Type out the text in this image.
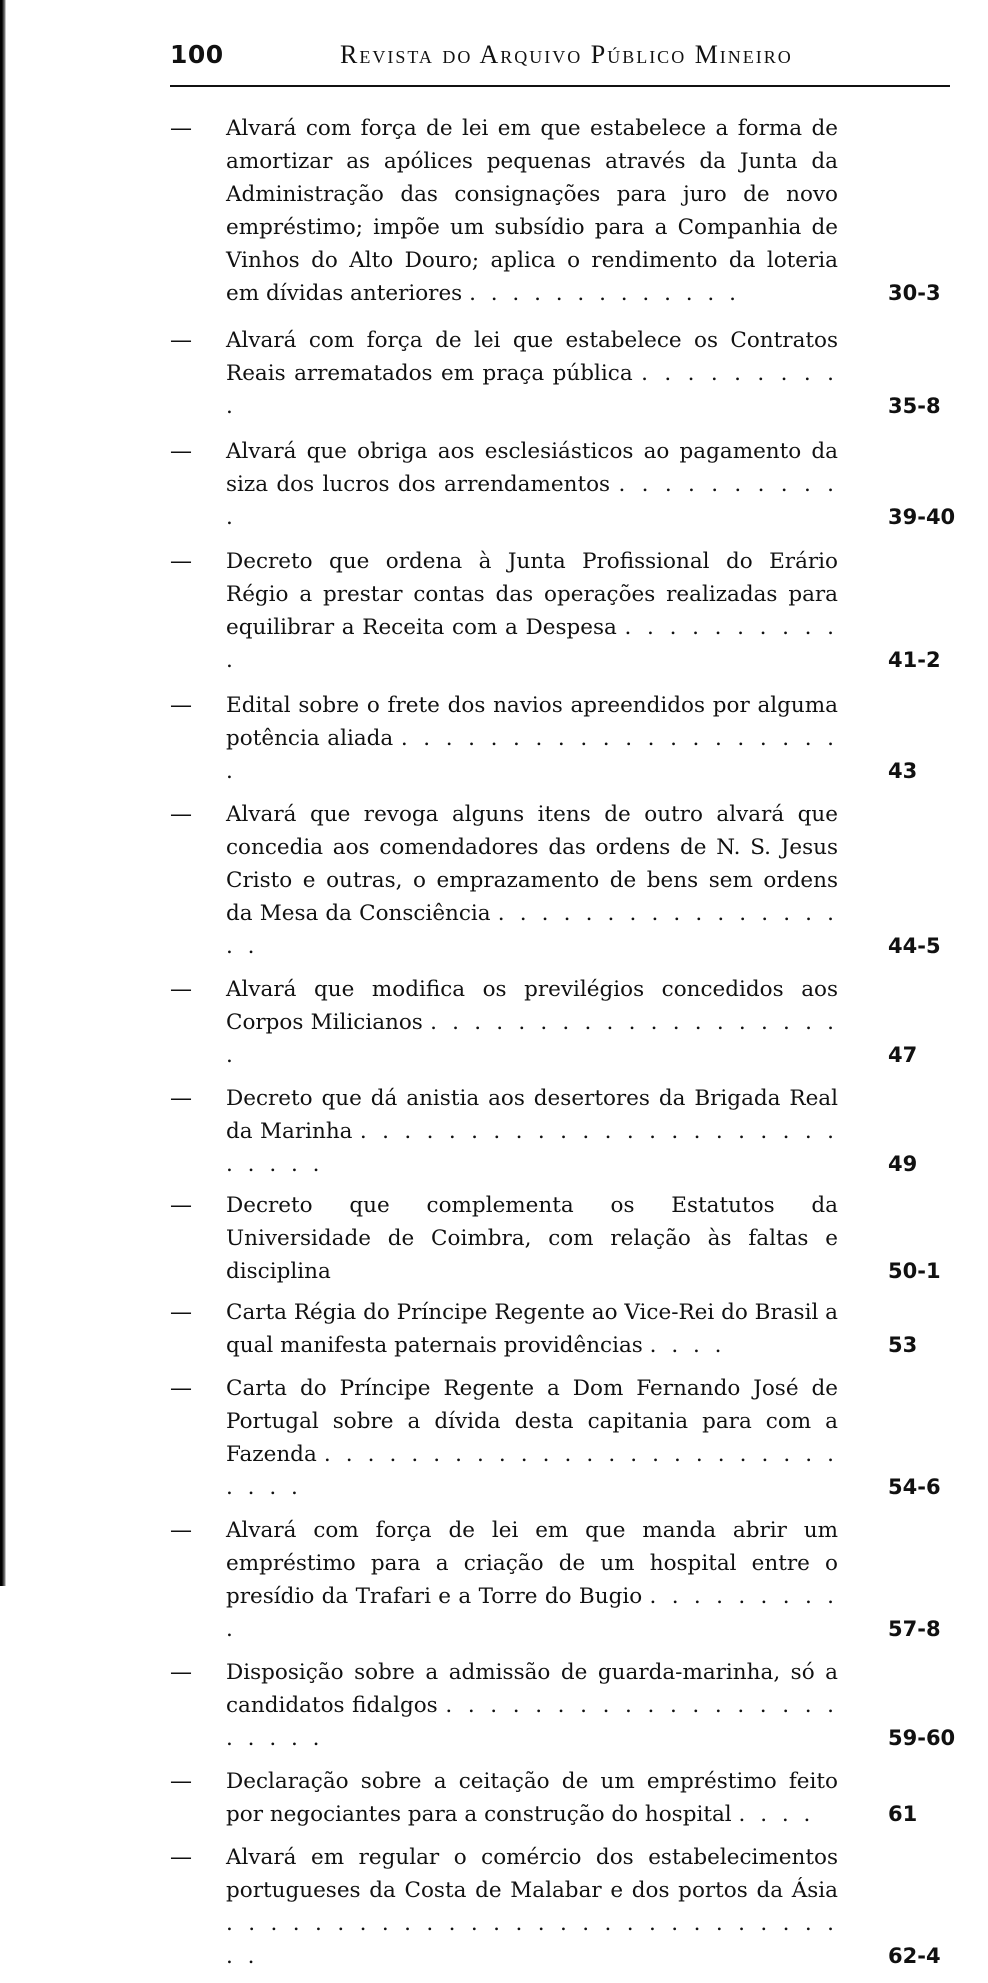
100	Revista do Arquivo Público Mineiro
— Alvará com força de lei em que estabelece a forma de amortizar as apólices pequenas através da Junta da Administração das consignações para juro de novo empréstimo; impõe um subsídio para a Companhia de Vinhos do Alto Douro; aplica o rendimento da loteria em dívidas anteriores . . . . . . . . . . . . .	30-3
— Alvará com força de lei que estabelece os Contratos Reais arrematados em praça pública . . . . . . . . . .	35-8
— Alvará que obriga aos esclesiásticos ao pagamento da siza dos lucros dos arrendamentos . . . . . . . . . . .	39-40
— Decreto que ordena à Junta Profissional do Erário Régio a prestar contas das operações realizadas para equilibrar a Receita com a Despesa . . . . . . . . . . .	41-2
— Edital sobre o frete dos navios apreendidos por alguma potência aliada . . . . . . . . . . . . . . . . . . . . .	43
— Alvará que revoga alguns itens de outro alvará que concedia aos comendadores das ordens de N. S. Jesus Cristo e outras, o emprazamento de bens sem ordens da Mesa da Consciência . . . . . . . . . . . . . . . . . .	44-5
— Alvará que modifica os previlégios concedidos aos Corpos Milicianos . . . . . . . . . . . . . . . . . . . .	47
— Decreto que dá anistia aos desertores da Brigada Real da Marinha . . . . . . . . . . . . . . . . . . . . . . . . . . .	49
— Decreto que complementa os Estatutos da Universidade de Coimbra, com relação às faltas e disciplina	50-1
— Carta Régia do Príncipe Regente ao Vice-Rei do Brasil a qual manifesta paternais providências . . . .	53
— Carta do Príncipe Regente a Dom Fernando José de Portugal sobre a dívida desta capitania para com a Fazenda . . . . . . . . . . . . . . . . . . . . . . . . . . . .	54-6
— Alvará com força de lei em que manda abrir um empréstimo para a criação de um hospital entre o presídio da Trafari e a Torre do Bugio . . . . . . . . . .	57-8
— Disposição sobre a admissão de guarda-marinha, só a candidatos fidalgos . . . . . . . . . . . . . . . . . . . . . . .	59-60
— Declaração sobre a ceitação de um empréstimo feito por negociantes para a construção do hospital . . . .	61
— Alvará em regular o comércio dos estabelecimentos portugueses da Costa de Malabar e dos portos da Ásia . . . . . . . . . . . . . . . . . . . . . . . . . . . . . .	62-4
